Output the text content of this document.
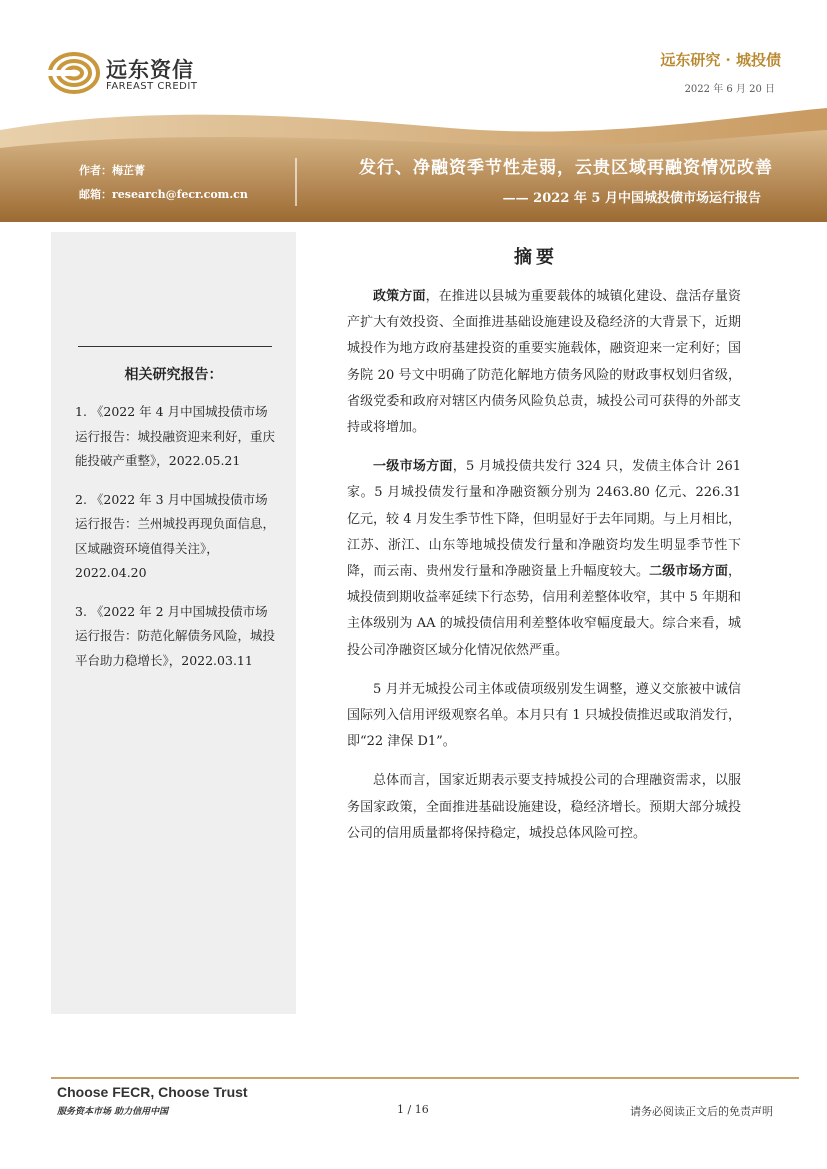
远东资信
FAREAST CREDIT
远东研究 · 城投债
2022 年 6 月 20 日
作者：梅芷菁
邮箱：research@fecr.com.cn
发行、净融资季节性走弱，云贵区域再融资情况改善
—— 2022 年 5 月中国城投债市场运行报告
相关研究报告：
1. 《2022 年 4 月中国城投债市场运行报告：城投融资迎来利好，重庆能投破产重整》，2022.05.21
2. 《2022 年 3 月中国城投债市场运行报告：兰州城投再现负面信息，区域融资环境值得关注》，2022.04.20
3. 《2022 年 2 月中国城投债市场运行报告：防范化解债务风险，城投平台助力稳增长》，2022.03.11
摘要

政策方面，在推进以县城为重要载体的城镇化建设、盘活存量资产扩大有效投资、全面推进基础设施建设及稳经济的大背景下，近期城投作为地方政府基建投资的重要实施载体，融资迎来一定利好；国务院 20 号文中明确了防范化解地方债务风险的财政事权划归省级，省级党委和政府对辖区内债务风险负总责，城投公司可获得的外部支持或将增加。

一级市场方面，5 月城投债共发行 324 只，发债主体合计 261 家。5 月城投债发行量和净融资额分别为 2463.80 亿元、226.31 亿元，较 4 月发生季节性下降，但明显好于去年同期。与上月相比，江苏、浙江、山东等地城投债发行量和净融资均发生明显季节性下降，而云南、贵州发行量和净融资量上升幅度较大。二级市场方面，城投债到期收益率延续下行态势，信用利差整体收窄，其中 5 年期和主体级别为 AA 的城投债信用利差整体收窄幅度最大。综合来看，城投公司净融资区域分化情况依然严重。

5 月并无城投公司主体或债项级别发生调整，遵义交旅被中诚信国际列入信用评级观察名单。本月只有 1 只城投债推迟或取消发行，即“22 津保 D1”。

总体而言，国家近期表示要支持城投公司的合理融资需求，以服务国家政策，全面推进基础设施建设，稳经济增长。预期大部分城投公司的信用质量都将保持稳定，城投总体风险可控。

Choose FECR, Choose Trust
服务资本市场 助力信用中国	1 / 16	请务必阅读正文后的免责声明
